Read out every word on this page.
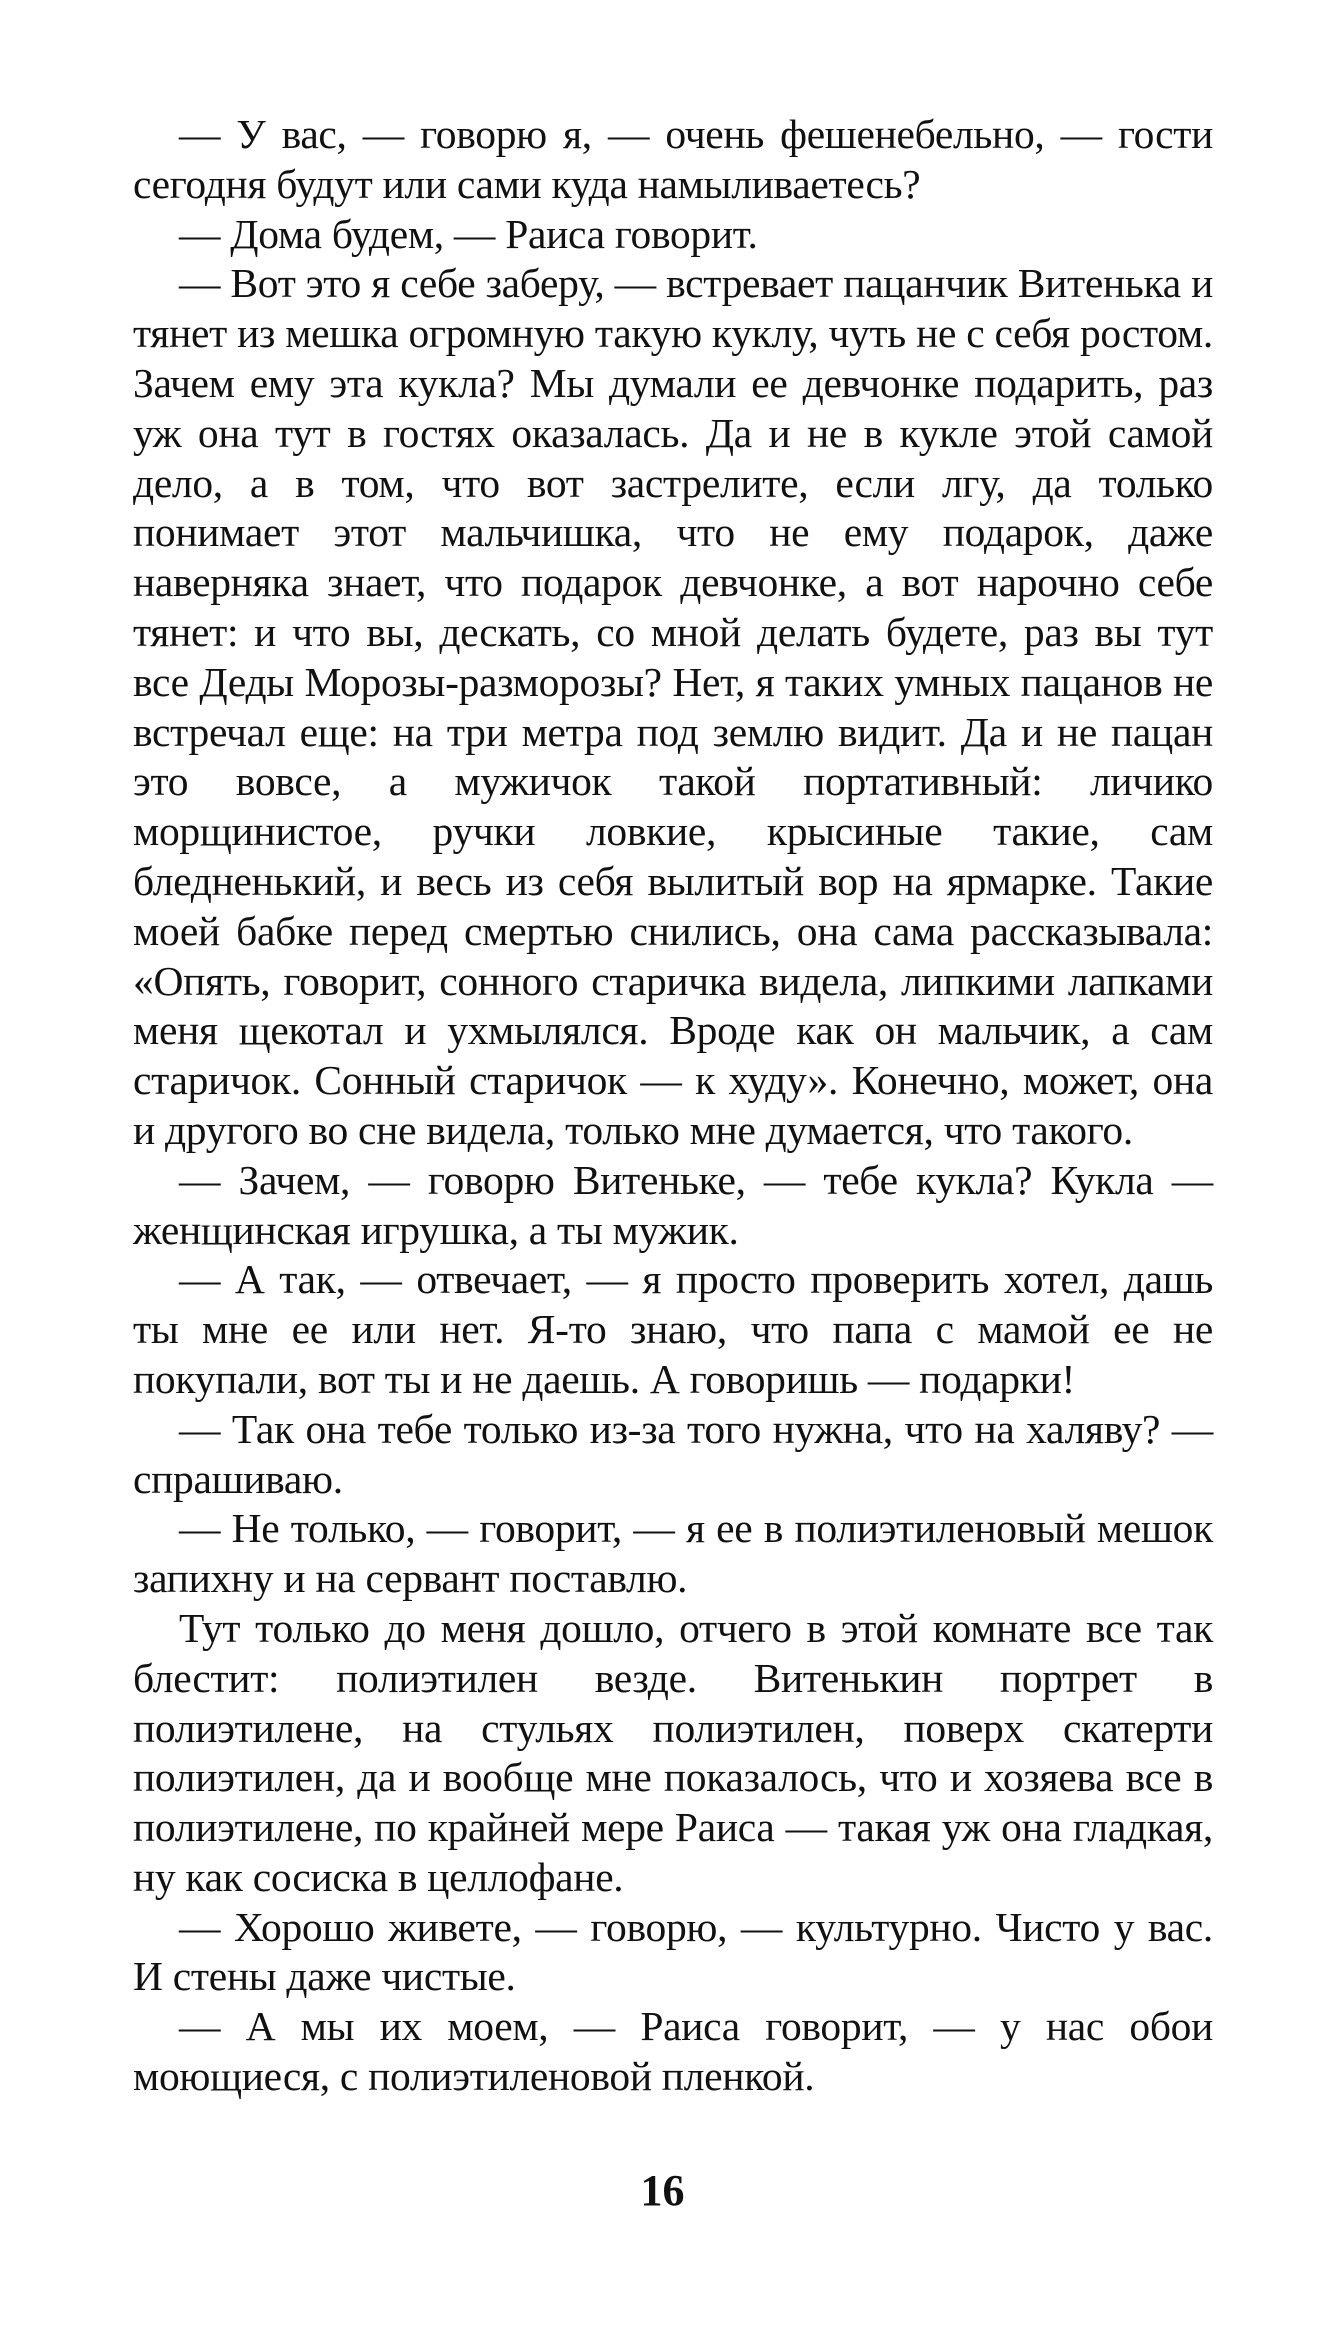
— У вас, — говорю я, — очень фешенебельно, — гости сегодня будут или сами куда намыливаетесь?

— Дома будем, — Раиса говорит.

— Вот это я себе заберу, — встревает пацанчик Витенька и тянет из мешка огромную такую куклу, чуть не с себя ростом. Зачем ему эта кукла? Мы думали ее девчонке подарить, раз уж она тут в гостях оказалась. Да и не в кукле этой самой дело, а в том, что вот застрелите, если лгу, да только понимает этот мальчишка, что не ему подарок, даже наверняка знает, что подарок девчонке, а вот нарочно себе тянет: и что вы, дескать, со мной делать будете, раз вы тут все Деды Морозы-разморозы? Нет, я таких умных пацанов не встречал еще: на три метра под землю видит. Да и не пацан это вовсе, а мужичок такой портативный: личико морщинистое, ручки ловкие, крысиные такие, сам бледненький, и весь из себя вылитый вор на ярмарке. Такие моей бабке перед смертью снились, она сама рассказывала: «Опять, говорит, сонного старичка видела, липкими лапками меня щекотал и ухмылялся. Вроде как он мальчик, а сам старичок. Сонный старичок — к худу». Конечно, может, она и другого во сне видела, только мне думается, что такого.

— Зачем, — говорю Витеньке, — тебе кукла? Кукла — женщинская игрушка, а ты мужик.

— А так, — отвечает, — я просто проверить хотел, дашь ты мне ее или нет. Я-то знаю, что папа с мамой ее не покупали, вот ты и не даешь. А говоришь — подарки!

— Так она тебе только из-за того нужна, что на халяву? — спрашиваю.

— Не только, — говорит, — я ее в полиэтиленовый мешок запихну и на сервант поставлю.

Тут только до меня дошло, отчего в этой комнате все так блестит: полиэтилен везде. Витенькин портрет в полиэтилене, на стульях полиэтилен, поверх скатерти полиэтилен, да и вообще мне показалось, что и хозяева все в полиэтилене, по крайней мере Раиса — такая уж она гладкая, ну как сосиска в целлофане.

— Хорошо живете, — говорю, — культурно. Чисто у вас. И стены даже чистые.

— А мы их моем, — Раиса говорит, — у нас обои моющиеся, с полиэтиленовой пленкой.

16
